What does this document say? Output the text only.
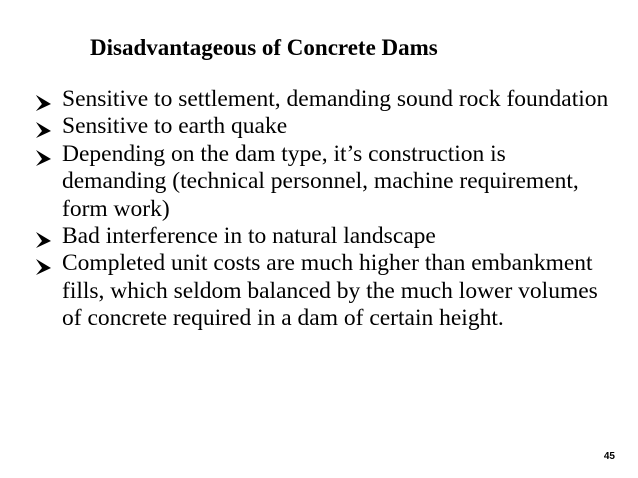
Disadvantageous of Concrete Dams
Sensitive to settlement, demanding sound rock foundation
Sensitive to earth quake
Depending on the dam type, it’s construction is demanding (technical personnel, machine requirement, form work)
Bad interference in to natural landscape
Completed unit costs are much higher than embankment fills, which seldom balanced by the much lower volumes of concrete required in a dam of certain height.
45
